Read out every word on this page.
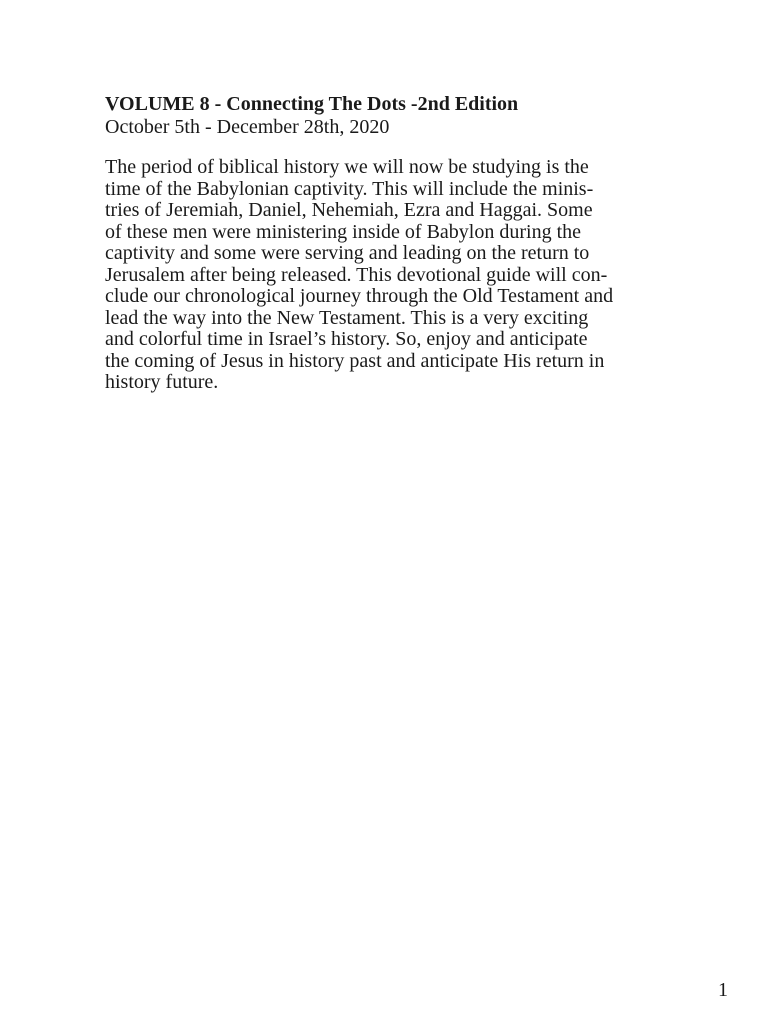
VOLUME 8 - Connecting The Dots -2nd Edition

October 5th - December 28th, 2020

The period of biblical history we will now be studying is the
time of the Babylonian captivity. This will include the minis-
tries of Jeremiah, Daniel, Nehemiah, Ezra and Haggai. Some
of these men were ministering inside of Babylon during the
captivity and some were serving and leading on the return to
Jerusalem after being released. This devotional guide will con-
clude our chronological journey through the Old Testament and
lead the way into the New Testament. This is a very exciting
and colorful time in Israel’s history. So, enjoy and anticipate
the coming of Jesus in history past and anticipate His return in
history future.

1
